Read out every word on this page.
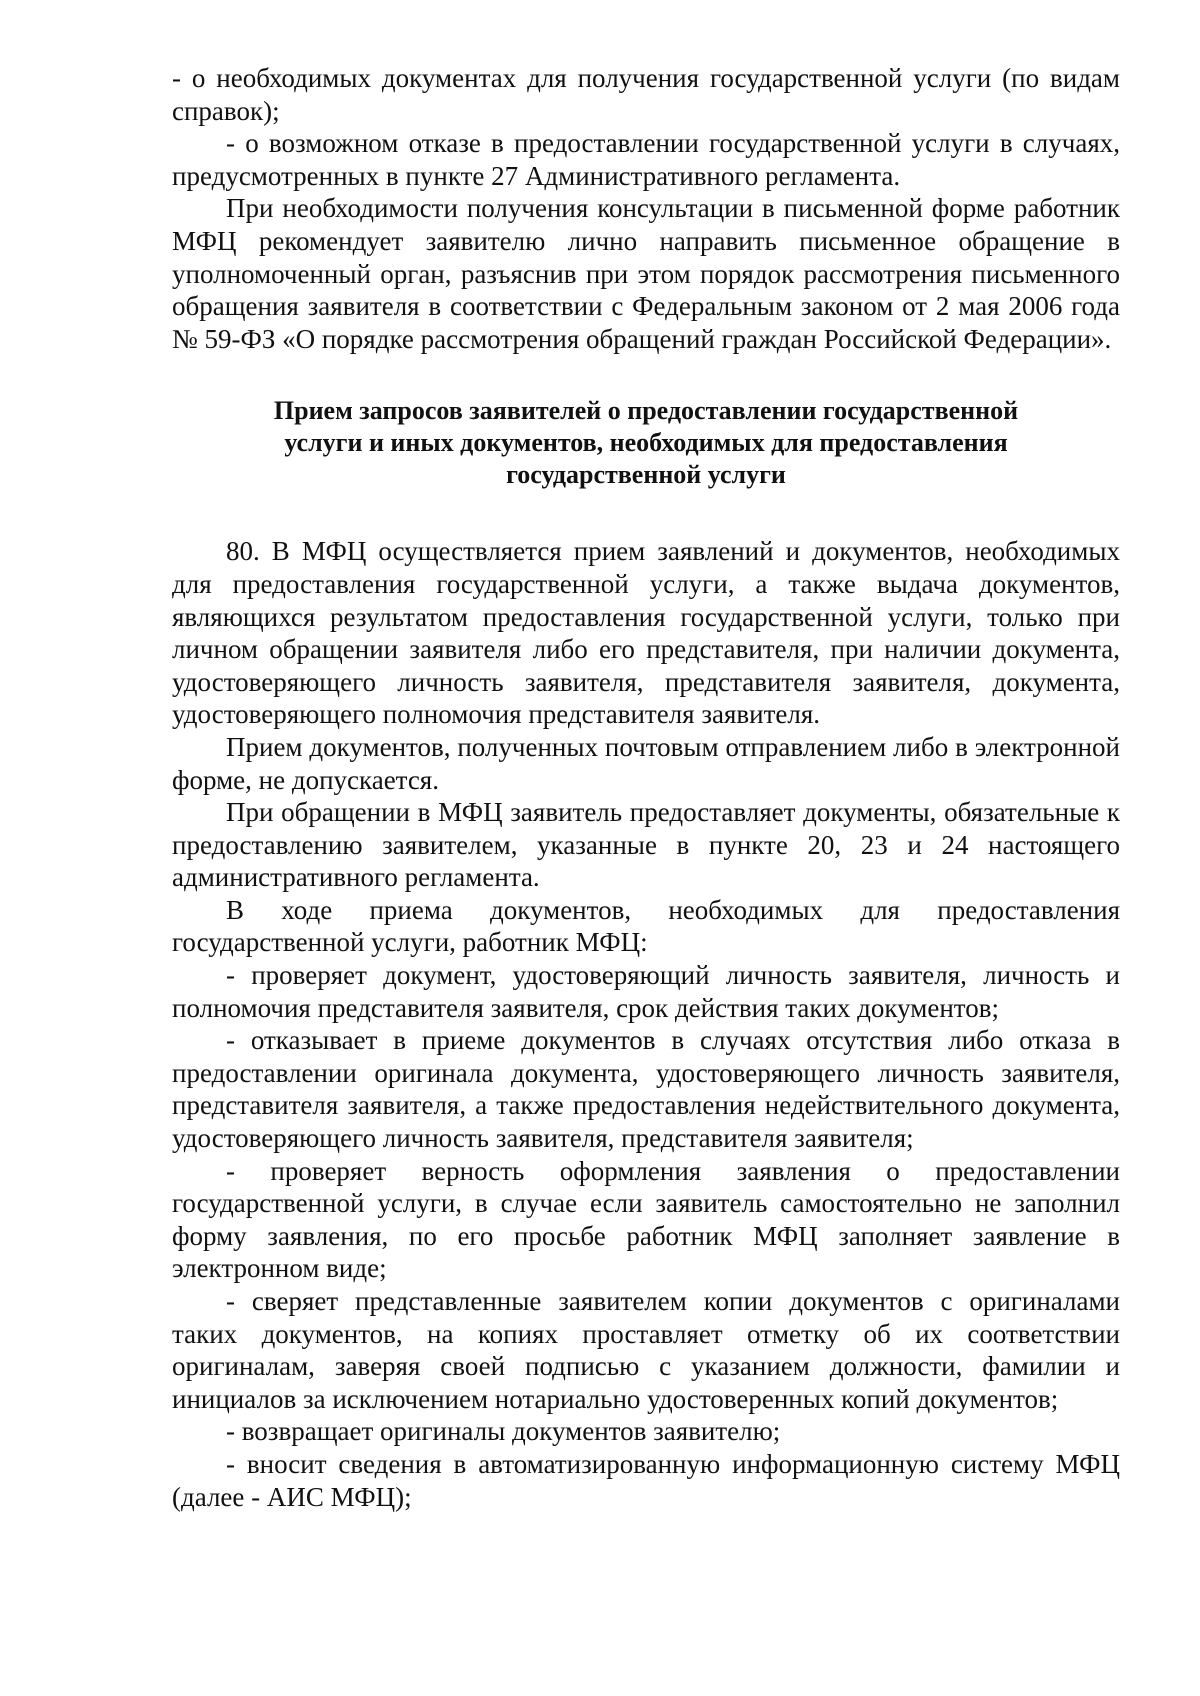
- о необходимых документах для получения государственной услуги (по видам справок);

- о возможном отказе в предоставлении государственной услуги в случаях, предусмотренных в пункте 27 Административного регламента.

При необходимости получения консультации в письменной форме работник МФЦ рекомендует заявителю лично направить письменное обращение в уполномоченный орган, разъяснив при этом порядок рассмотрения письменного обращения заявителя в соответствии с Федеральным законом от 2 мая 2006 года № 59-ФЗ «О порядке рассмотрения обращений граждан Российской Федерации».

Прием запросов заявителей о предоставлении государственной
услуги и иных документов, необходимых для предоставления
государственной услуги

80. В МФЦ осуществляется прием заявлений и документов, необходимых для предоставления государственной услуги, а также выдача документов, являющихся результатом предоставления государственной услуги, только при личном обращении заявителя либо его представителя, при наличии документа, удостоверяющего личность заявителя, представителя заявителя, документа, удостоверяющего полномочия представителя заявителя.

Прием документов, полученных почтовым отправлением либо в электронной форме, не допускается.

При обращении в МФЦ заявитель предоставляет документы, обязательные к предоставлению заявителем, указанные в пункте 20, 23 и 24 настоящего административного регламента.

В ходе приема документов, необходимых для предоставления государственной услуги, работник МФЦ:

- проверяет документ, удостоверяющий личность заявителя, личность и полномочия представителя заявителя, срок действия таких документов;

- отказывает в приеме документов в случаях отсутствия либо отказа в предоставлении оригинала документа, удостоверяющего личность заявителя, представителя заявителя, а также предоставления недействительного документа, удостоверяющего личность заявителя, представителя заявителя;

- проверяет верность оформления заявления о предоставлении государственной услуги, в случае если заявитель самостоятельно не заполнил форму заявления, по его просьбе работник МФЦ заполняет заявление в электронном виде;

- сверяет представленные заявителем копии документов с оригиналами таких документов, на копиях проставляет отметку об их соответствии оригиналам, заверяя своей подписью с указанием должности, фамилии и инициалов за исключением нотариально удостоверенных копий документов;

- возвращает оригиналы документов заявителю;

- вносит сведения в автоматизированную информационную систему МФЦ (далее - АИС МФЦ);
